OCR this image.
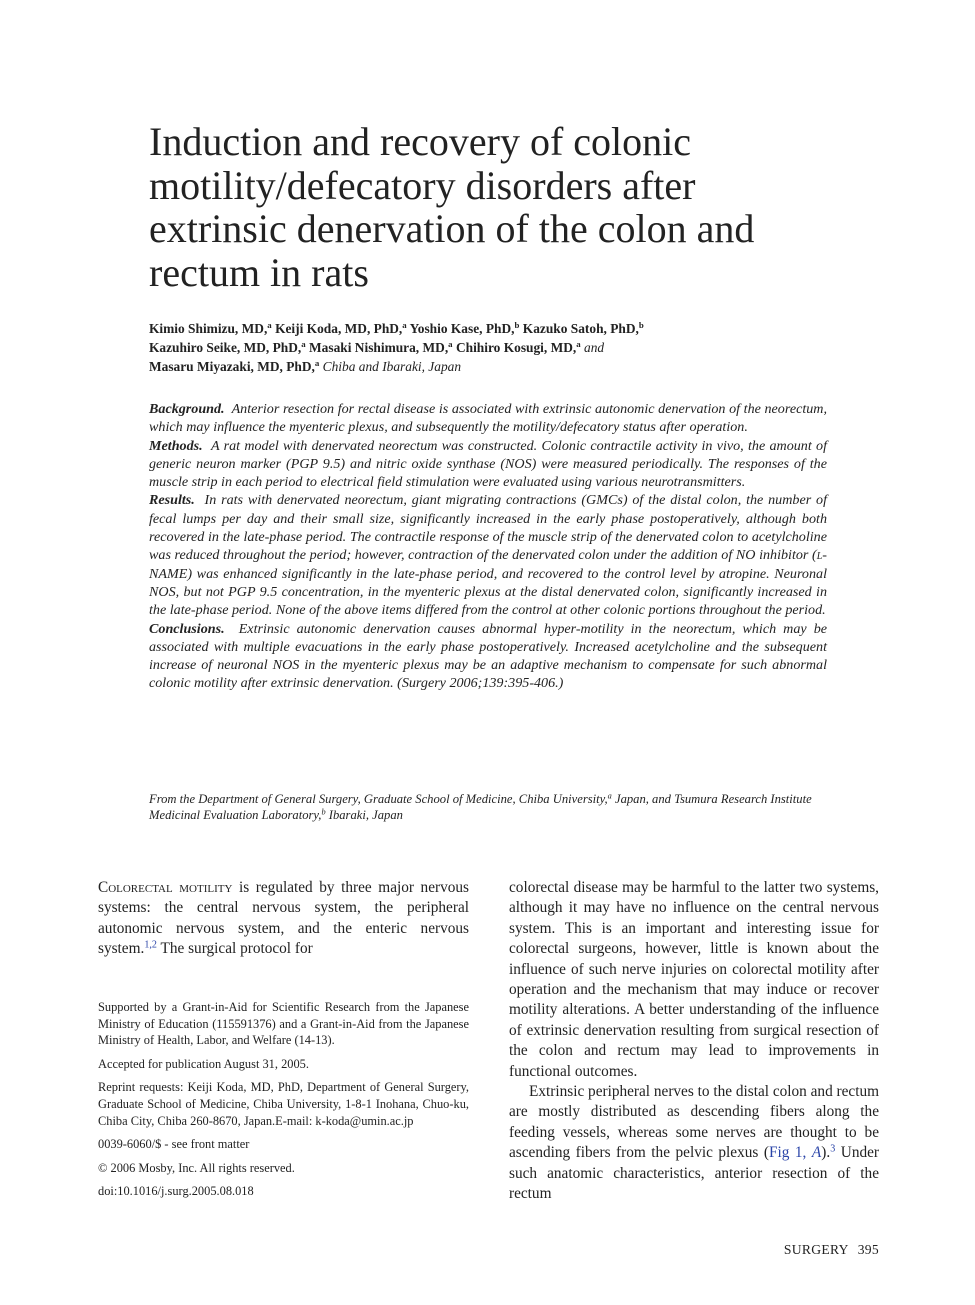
Induction and recovery of colonic motility/defecatory disorders after extrinsic denervation of the colon and rectum in rats
Kimio Shimizu, MD,$^a$ Keiji Koda, MD, PhD,$^a$ Yoshio Kase, PhD,$^b$ Kazuko Satoh, PhD,$^b$
Kazuhiro Seike, MD, PhD,$^a$ Masaki Nishimura, MD,$^a$ Chihiro Kosugi, MD,$^a$ and
Masaru Miyazaki, MD, PhD,$^a$ Chiba and Ibaraki, Japan

Background. Anterior resection for rectal disease is associated with extrinsic autonomic denervation of the neorectum, which may influence the myenteric plexus, and subsequently the motility/defecatory status after operation.

Methods. A rat model with denervated neorectum was constructed. Colonic contractile activity in vivo, the amount of generic neuron marker (PGP 9.5) and nitric oxide synthase (NOS) were measured periodically. The responses of the muscle strip in each period to electrical field stimulation were evaluated using various neurotransmitters.

Results. In rats with denervated neorectum, giant migrating contractions (GMCs) of the distal colon, the number of fecal lumps per day and their small size, significantly increased in the early phase postoperatively, although both recovered in the late-phase period. The contractile response of the muscle strip of the denervated colon to acetylcholine was reduced throughout the period; however, contraction of the denervated colon under the addition of NO inhibitor (l-NAME) was enhanced significantly in the late-phase period, and recovered to the control level by atropine. Neuronal NOS, but not PGP 9.5 concentration, in the myenteric plexus at the distal denervated colon, significantly increased in the late-phase period. None of the above items differed from the control at other colonic portions throughout the period.

Conclusions. Extrinsic autonomic denervation causes abnormal hyper-motility in the neorectum, which may be associated with multiple evacuations in the early phase postoperatively. Increased acetylcholine and the subsequent increase of neuronal NOS in the myenteric plexus may be an adaptive mechanism to compensate for such abnormal colonic motility after extrinsic denervation. (Surgery 2006;139:395-406.)

From the Department of General Surgery, Graduate School of Medicine, Chiba University,$^a$ Japan, and Tsumura Research Institute Medicinal Evaluation Laboratory,$^b$ Ibaraki, Japan

Colorectal motility is regulated by three major nervous systems: the central nervous system, the peripheral autonomic nervous system, and the enteric nervous system.$^{1,2}$ The surgical protocol for

Supported by a Grant-in-Aid for Scientific Research from the Japanese Ministry of Education (115591376) and a Grant-in-Aid from the Japanese Ministry of Health, Labor, and Welfare (14-13).

Accepted for publication August 31, 2005.

Reprint requests: Keiji Koda, MD, PhD, Department of General Surgery, Graduate School of Medicine, Chiba University, 1-8-1 Inohana, Chuo-ku, Chiba City, Chiba 260-8670, Japan.E-mail: k-koda@umin.ac.jp

0039-6060/$ - see front matter

© 2006 Mosby, Inc. All rights reserved.

doi:10.1016/j.surg.2005.08.018

colorectal disease may be harmful to the latter two systems, although it may have no influence on the central nervous system. This is an important and interesting issue for colorectal surgeons, however, little is known about the influence of such nerve injuries on colorectal motility after operation and the mechanism that may induce or recover motility alterations. A better understanding of the influence of extrinsic denervation resulting from surgical resection of the colon and rectum may lead to improvements in functional outcomes.

Extrinsic peripheral nerves to the distal colon and rectum are mostly distributed as descending fibers along the feeding vessels, whereas some nerves are thought to be ascending fibers from the pelvic plexus (Fig 1, A).$^3$ Under such anatomic characteristics, anterior resection of the rectum

SURGERY 395
